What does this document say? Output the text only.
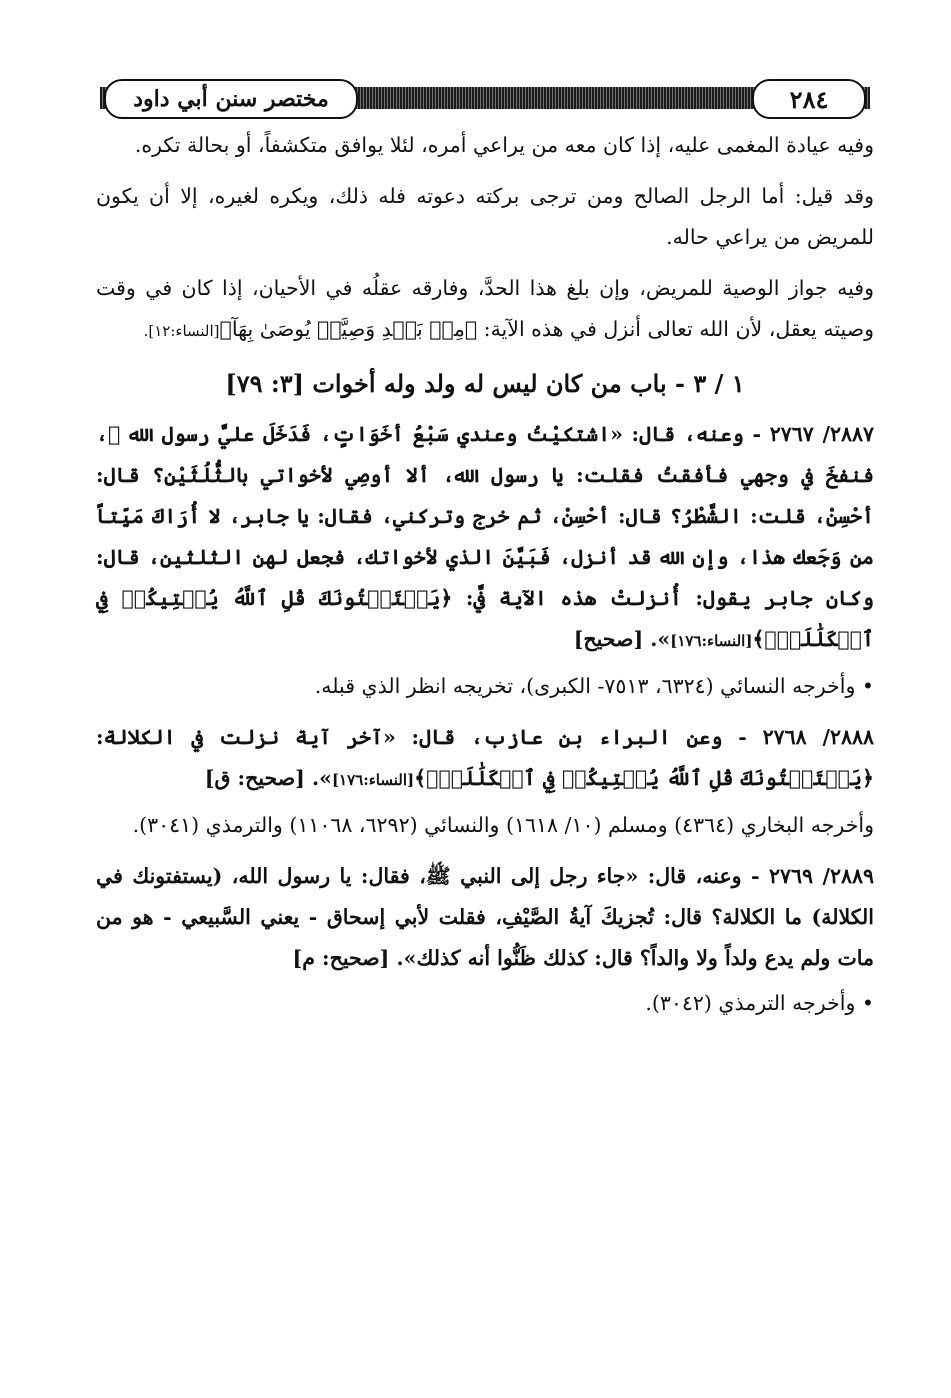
مختصر سنن أبي داود	٢٨٤

وفيه عيادة المغمى عليه، إذا كان معه من يراعي أمره، لئلا يوافق متكشفاً، أو بحالة تكره.

وقد قيل: أما الرجل الصالح ومن ترجى بركته دعوته فله ذلك، ويكره لغيره، إلا أن يكون للمريض من يراعي حاله.

وفيه جواز الوصية للمريض، وإن بلغ هذا الحدَّ، وفارقه عقلُه في الأحيان، إذا كان في وقت وصيته يعقل، لأن الله تعالى أنزل في هذه الآية: ﴿مِنۢ بَعۡدِ وَصِيَّةٖ يُوصَىٰ بِهَآ﴾[النساء:١٢].

١ / ٣ - باب من كان ليس له ولد وله أخوات [٣: ٧٩]

٢٨٨٧/ ٢٧٦٧ - وعنه، قال: «اشتكيْتُ وعندي سَبْعُ أخَوَاتٍ، فَدَخَلَ عليَّ رسول الله ﷺ، فنفخَ في وجهي فأفقتُ فقلت: يا رسول الله، ألا أوصِي لأخواتي بالثُّلُثَيْنِ؟ قال: أحْسِنْ، قلت: الشَّطْرُ؟ قال: أحْسِنْ، ثم خرج وتركني، فقال: يا جابر، لا أُرَاكَ مَيِّتاً من وَجَعك هذا، وإن الله قد أنزل، فَبَيَّنَ الذي لأخواتك، فجعل لهن الثلثين، قال: وكان جابر يقول: أُنزلتْ هذه الآية فيَّ: ﴿يَسۡتَفۡتُونَكَ قُلِ ٱللَّهُ يُفۡتِيكُمۡ فِي ٱلۡكَلَٰلَةِۚ﴾[النساء:١٧٦]». [صحيح]

• وأخرجه النسائي (٦٣٢٤، ٧٥١٣- الكبرى)، تخريجه انظر الذي قبله.

٢٨٨٨/ ٢٧٦٨ - وعن البراء بن عازب، قال: «آخر آية نزلت في الكلالة: ﴿يَسۡتَفۡتُونَكَ قُلِ ٱللَّهُ يُفۡتِيكُمۡ فِي ٱلۡكَلَٰلَةِۚ﴾[النساء:١٧٦]». [صحيح: ق]

وأخرجه البخاري (٤٣٦٤) ومسلم (١٠/ ١٦١٨) والنسائي (٦٢٩٢، ١١٠٦٨) والترمذي (٣٠٤١).

٢٨٨٩/ ٢٧٦٩ - وعنه، قال: «جاء رجل إلى النبي ﷺ، فقال: يا رسول الله، (يستفتونك في الكلالة) ما الكلالة؟ قال: تُجزيكَ آيةُ الصَّيْفِ، فقلت لأبي إسحاق - يعني السَّبيعي - هو من مات ولم يدع ولداً ولا والداً؟ قال: كذلك ظَنُّوا أنه كذلك». [صحيح: م]

• وأخرجه الترمذي (٣٠٤٢).
